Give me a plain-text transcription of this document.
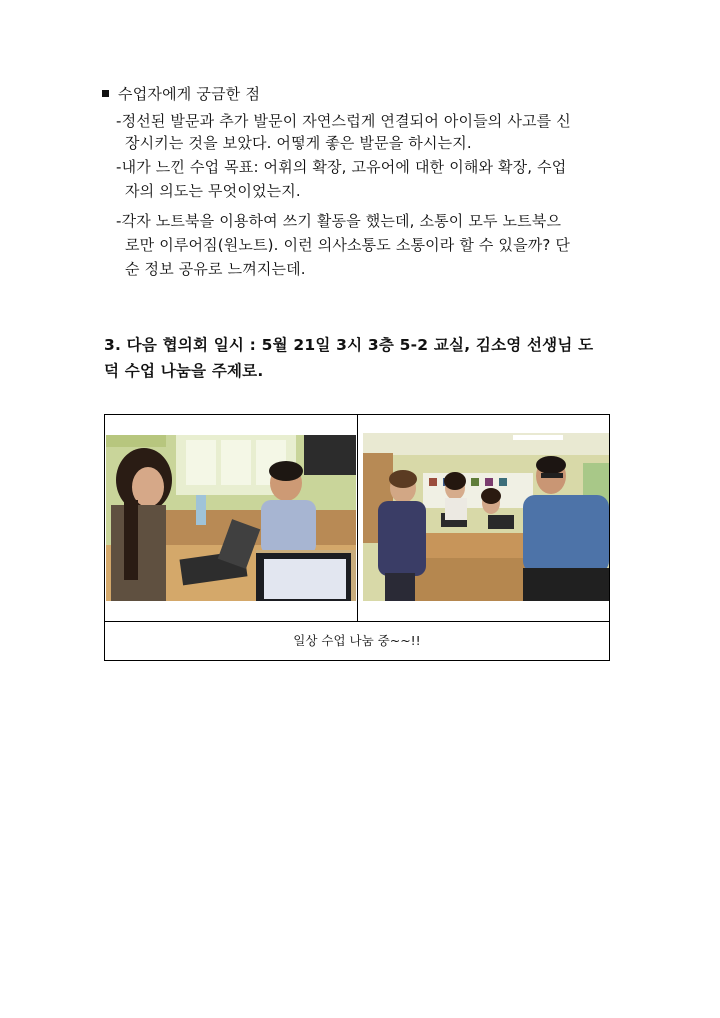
수업자에게 궁금한 점
-정선된 발문과 추가 발문이 자연스럽게 연결되어 아이들의 사고를 신
장시키는 것을 보았다. 어떻게 좋은 발문을 하시는지.
-내가 느낀 수업 목표: 어휘의 확장, 고유어에 대한 이해와 확장, 수업
자의 의도는 무엇이었는지.
-각자 노트북을 이용하여 쓰기 활동을 했는데, 소통이 모두 노트북으
로만 이루어짐(원노트). 이런 의사소통도 소통이라 할 수 있을까? 단
순 정보 공유로 느껴지는데.
3. 다음 협의회 일시 : 5월 21일 3시 3층 5-2 교실, 김소영 선생님 도
덕 수업 나눔을 주제로.

일상 수업 나눔 중~~!!
